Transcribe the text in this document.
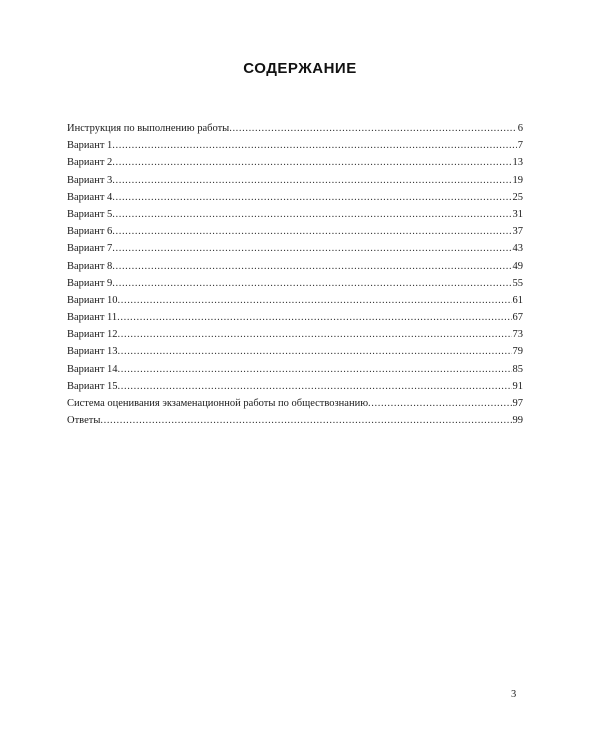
СОДЕРЖАНИЕ
Инструкция по выполнению работы .....	6
Вариант 1 .....	7
Вариант 2 .....	13
Вариант 3 .....	19
Вариант 4 .....	25
Вариант 5 .....	31
Вариант 6 .....	37
Вариант 7 .....	43
Вариант 8 .....	49
Вариант 9 .....	55
Вариант 10 .....	61
Вариант 11 .....	67
Вариант 12 .....	73
Вариант 13 .....	79
Вариант 14 .....	85
Вариант 15 .....	91
Система оценивания экзаменационной работы по обществознанию .....	97
Ответы .....	99
3
